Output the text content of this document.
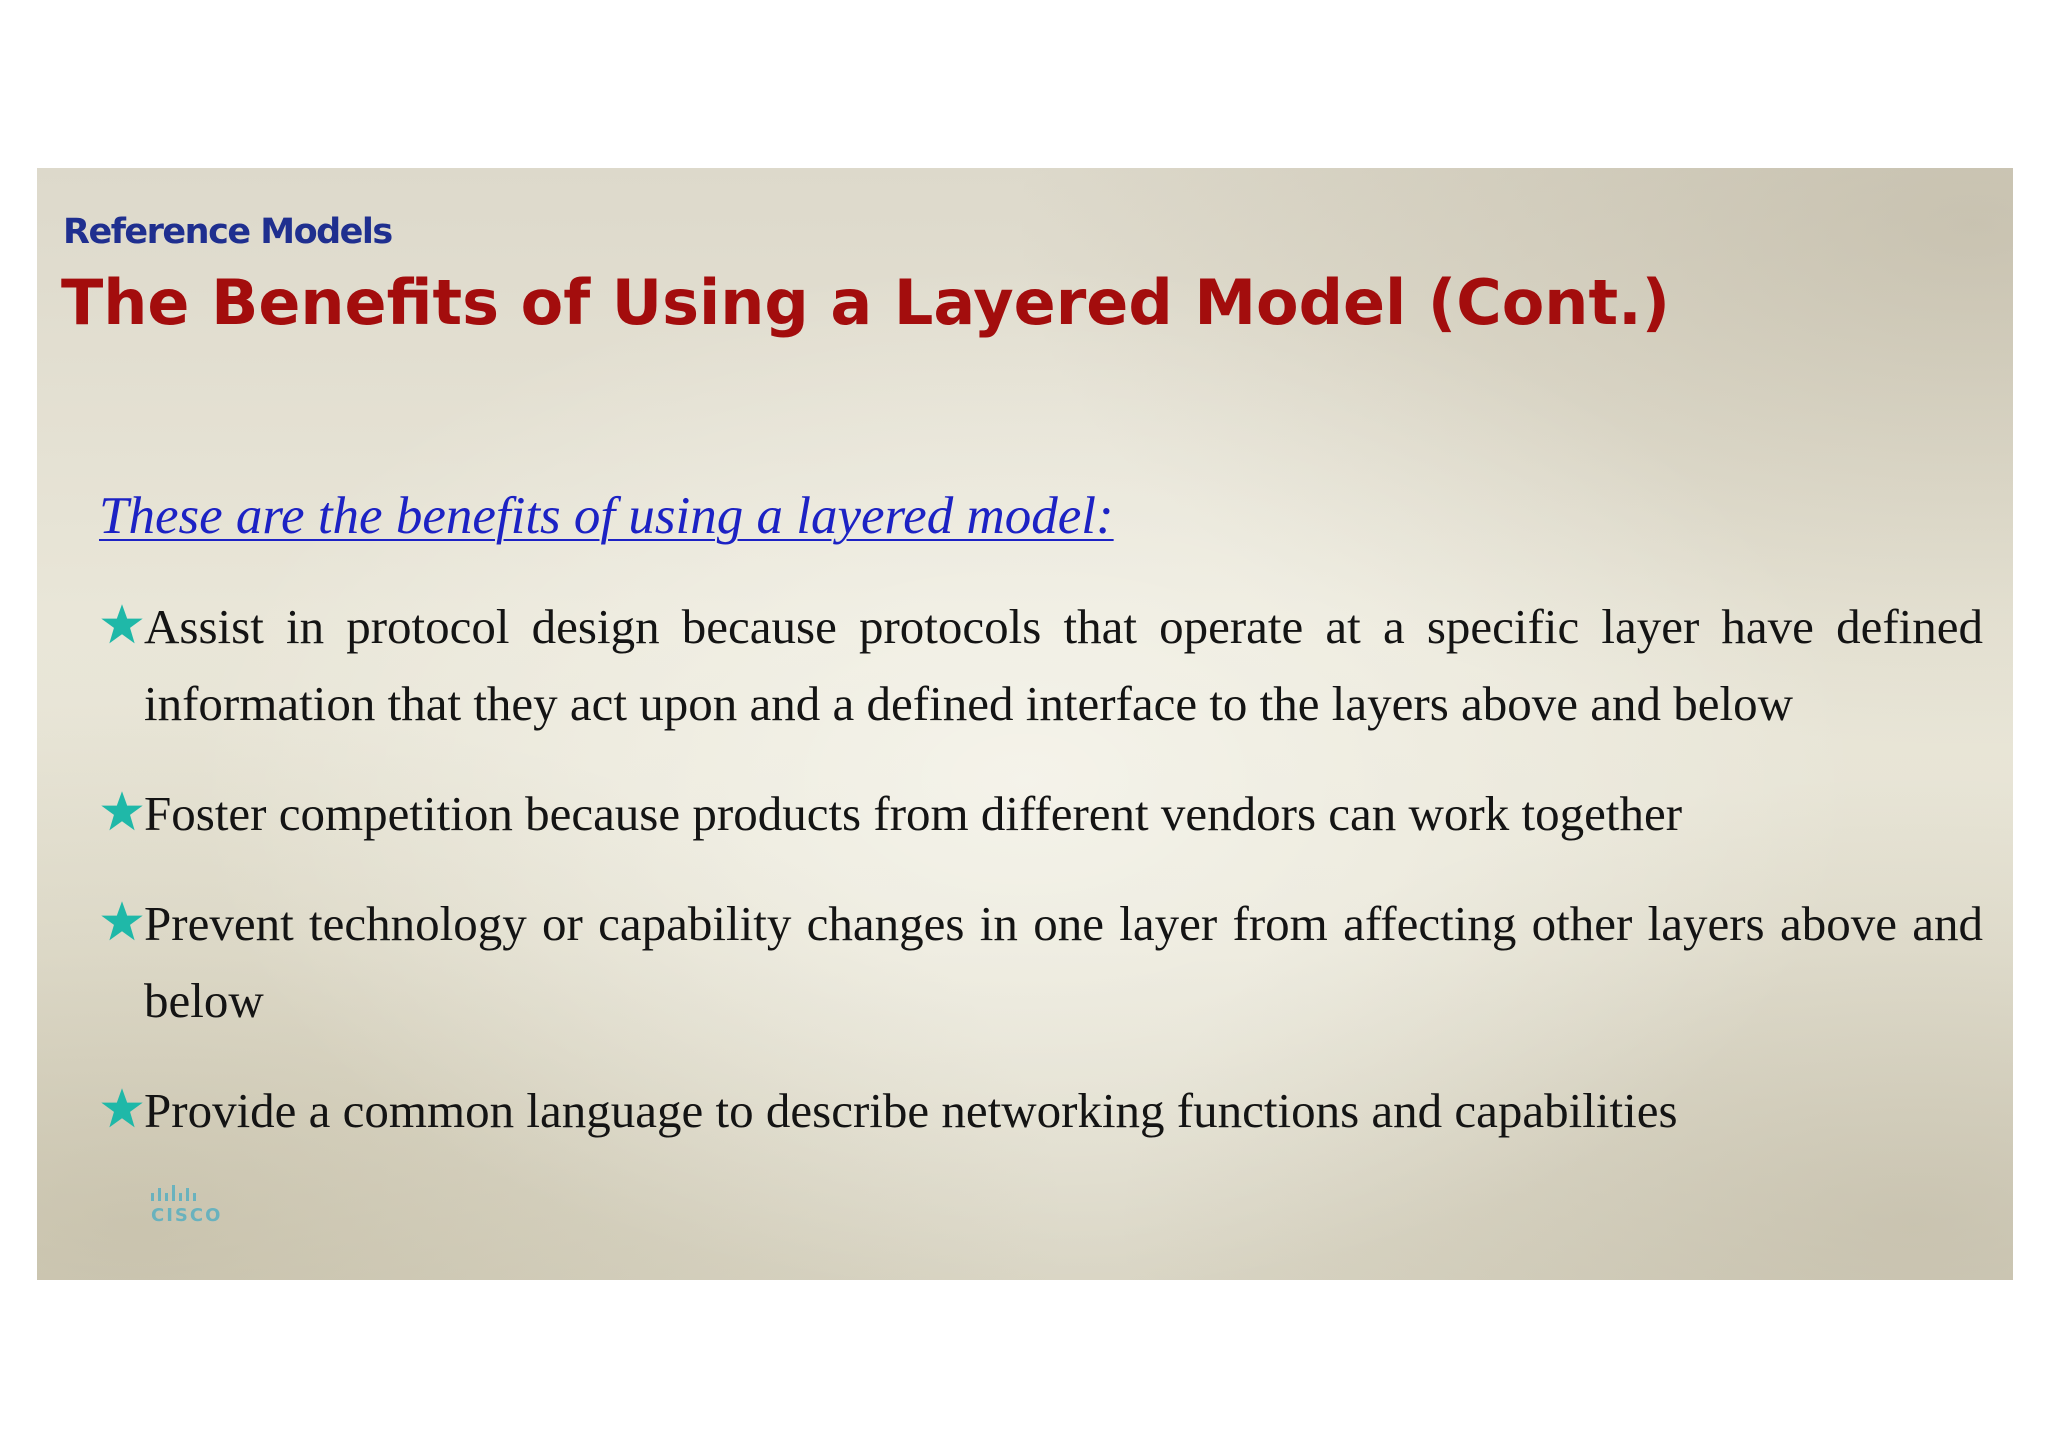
Reference Models
The Benefits of Using a Layered Model (Cont.)
These are the benefits of using a layered model:
Assist in protocol design because protocols that operate at a specific layer have defined information that they act upon and a defined interface to the layers above and below
Foster competition because products from different vendors can work together
Prevent technology or capability changes in one layer from affecting other layers above and below
Provide a common language to describe networking functions and capabilities
CISCO
